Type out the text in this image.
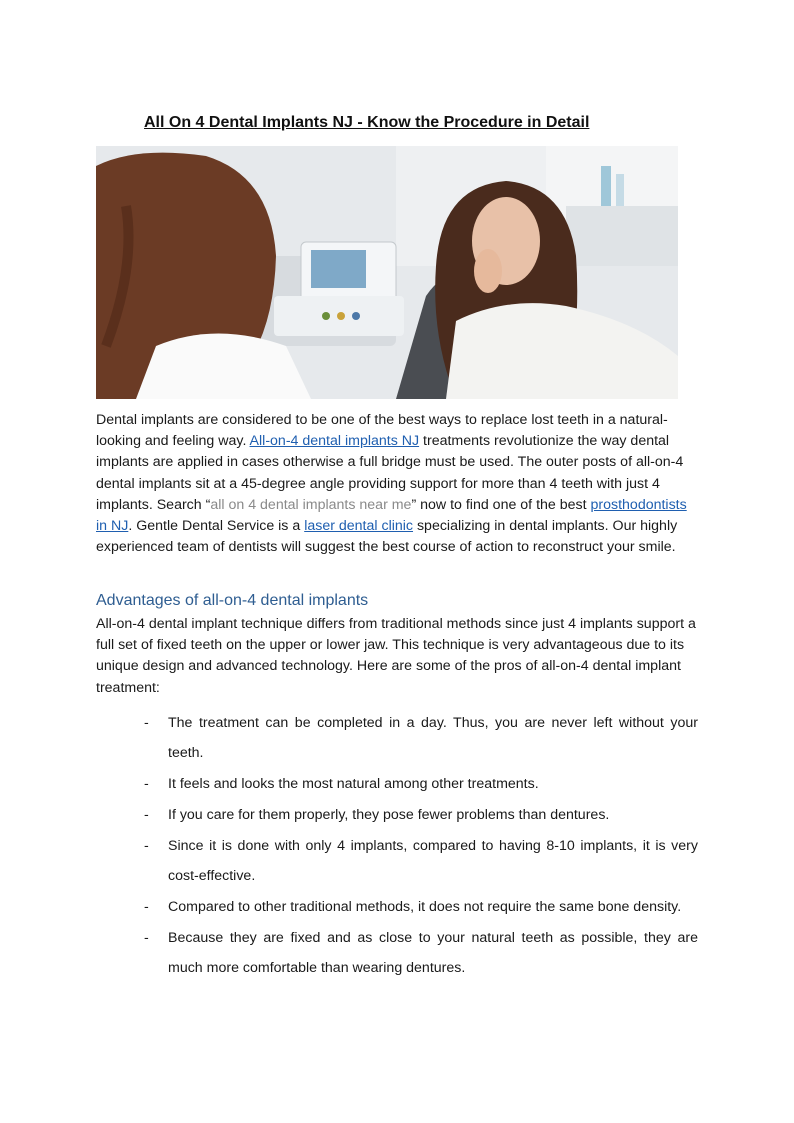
All On 4 Dental Implants NJ - Know the Procedure in Detail
Dental implants are considered to be one of the best ways to replace lost teeth in a natural-looking and feeling way. All-on-4 dental implants NJ treatments revolutionize the way dental implants are applied in cases otherwise a full bridge must be used. The outer posts of all-on-4 dental implants sit at a 45-degree angle providing support for more than 4 teeth with just 4 implants. Search “all on 4 dental implants near me” now to find one of the best prosthodontists in NJ. Gentle Dental Service is a laser dental clinic specializing in dental implants. Our highly experienced team of dentists will suggest the best course of action to reconstruct your smile.
Advantages of all-on-4 dental implants
All-on-4 dental implant technique differs from traditional methods since just 4 implants support a full set of fixed teeth on the upper or lower jaw. This technique is very advantageous due to its unique design and advanced technology. Here are some of the pros of all-on-4 dental implant treatment:
- The treatment can be completed in a day. Thus, you are never left without your teeth.
- It feels and looks the most natural among other treatments.
- If you care for them properly, they pose fewer problems than dentures.
- Since it is done with only 4 implants, compared to having 8-10 implants, it is very cost-effective.
- Compared to other traditional methods, it does not require the same bone density.
- Because they are fixed and as close to your natural teeth as possible, they are much more comfortable than wearing dentures.
